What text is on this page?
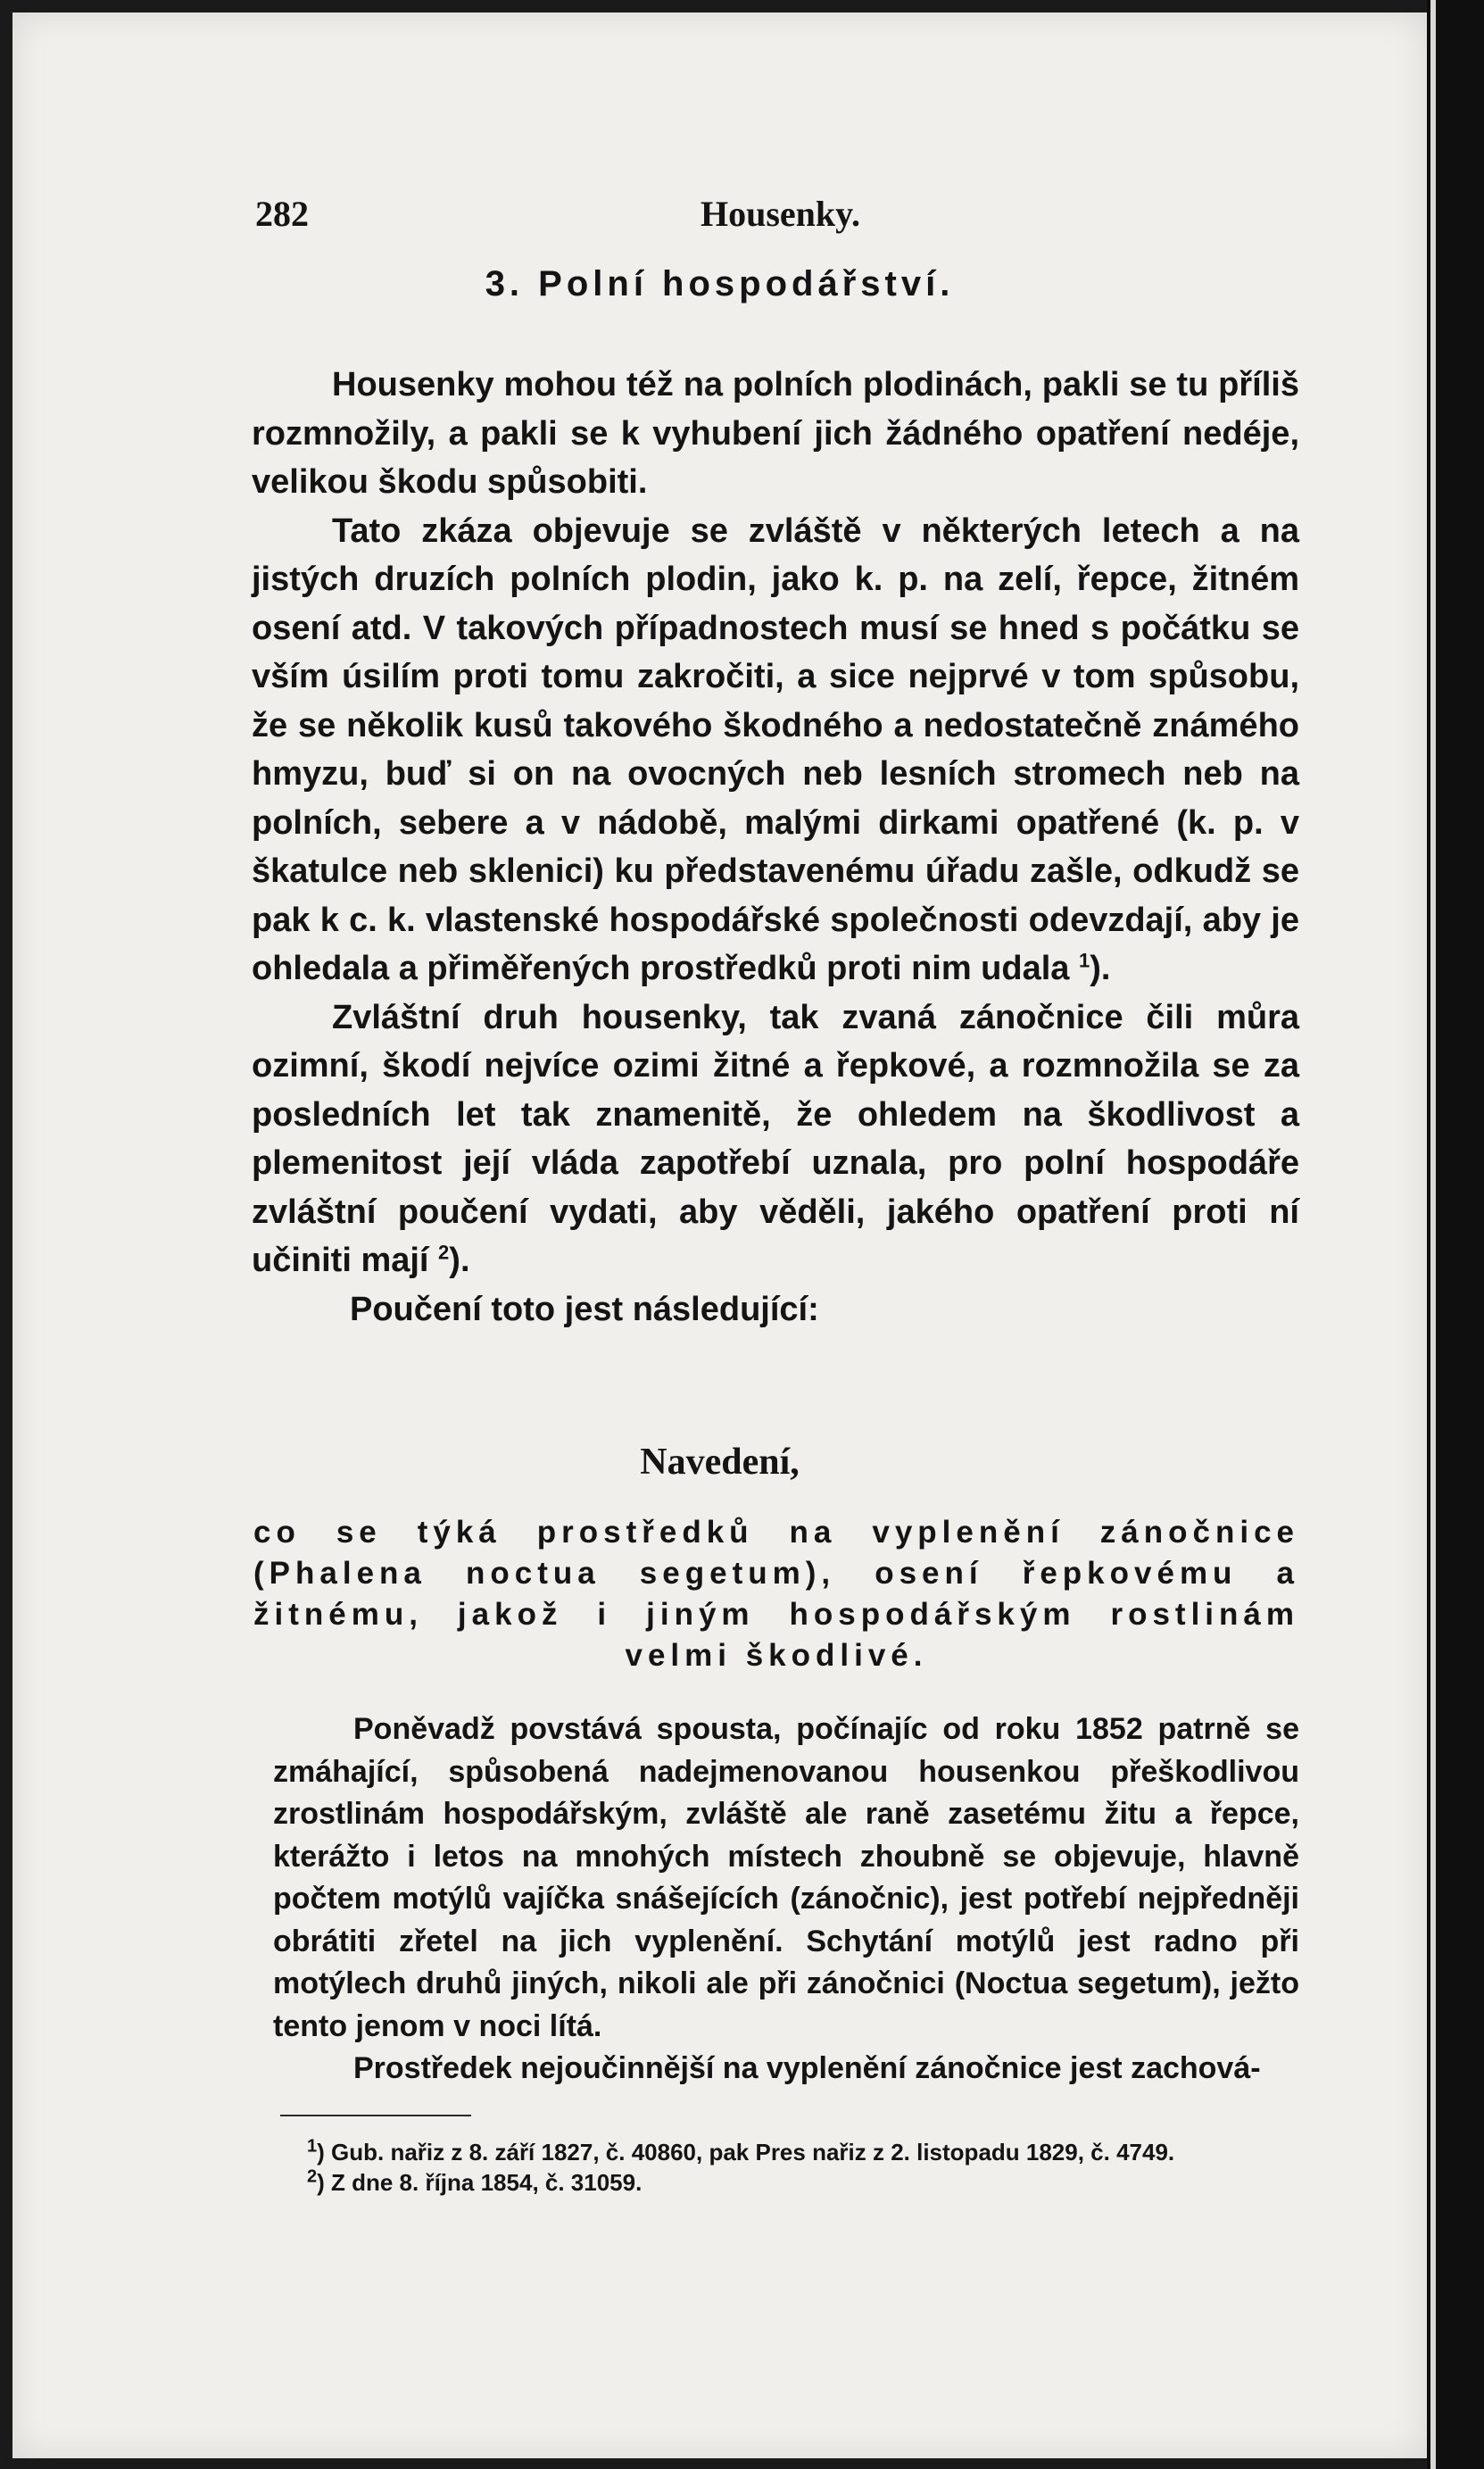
282	Housenky.
3. Polní hospodářství.

Housenky mohou též na polních plodinách, pakli se tu příliš rozmnožily, a pakli se k vyhubení jich žádného opatření nedéje, velikou škodu spůsobiti.

Tato zkáza objevuje se zvláště v některých letech a na jistých druzích polních plodin, jako k. p. na zelí, řepce, žitném osení atd. V takových případnostech musí se hned s počátku se vším úsilím proti tomu zakročiti, a sice nejprvé v tom spůsobu, že se několik kusů takového škodného a nedostatečně známého hmyzu, buď si on na ovocných neb lesních stromech neb na polních, sebere a v nádobě, malými dirkami opatřené (k. p. v škatulce neb sklenici) ku představenému úřadu zašle, odkudž se pak k c. k. vlastenské hospodářské společnosti odevzdají, aby je ohledala a přiměřených prostředků proti nim udala $^1$).

Zvláštní druh housenky, tak zvaná zánočnice čili můra ozimní, škodí nejvíce ozimi žitné a řepkové, a rozmnožila se za posledních let tak znamenitě, že ohledem na škodlivost a plemenitost její vláda zapotřebí uznala, pro polní hospodáře zvláštní poučení vydati, aby věděli, jakého opatření proti ní učiniti mají $^2$).

Poučení toto jest následující:

Navedení,
co se týká prostředků na vyplenění zánočnice (Phalena noctua segetum), osení řepkovému a žitnému, jakož i jiným hospodářským rostlinám velmi škodlivé.

Poněvadž povstává spousta, počínajíc od roku 1852 patrně se zmáhající, spůsobená nadejmenovanou housenkou přeškodlivou zrostlinám hospodářským, zvláště ale raně zasetému žitu a řepce, kterážto i letos na mnohých místech zhoubně se objevuje, hlavně počtem motýlů vajíčka snášejících (zánočnic), jest potřebí nejpředněji obrátiti zřetel na jich vyplenění. Schytání motýlů jest radno při motýlech druhů jiných, nikoli ale při zánočnici (Noctua segetum), ježto tento jenom v noci lítá.

Prostředek nejoučinnější na vyplenění zánočnice jest zachová-

$^1$) Gub. nařiz z 8. září 1827, č. 40860, pak Pres nařiz z 2. listopadu 1829, č. 4749.

$^2$) Z dne 8. října 1854, č. 31059.
